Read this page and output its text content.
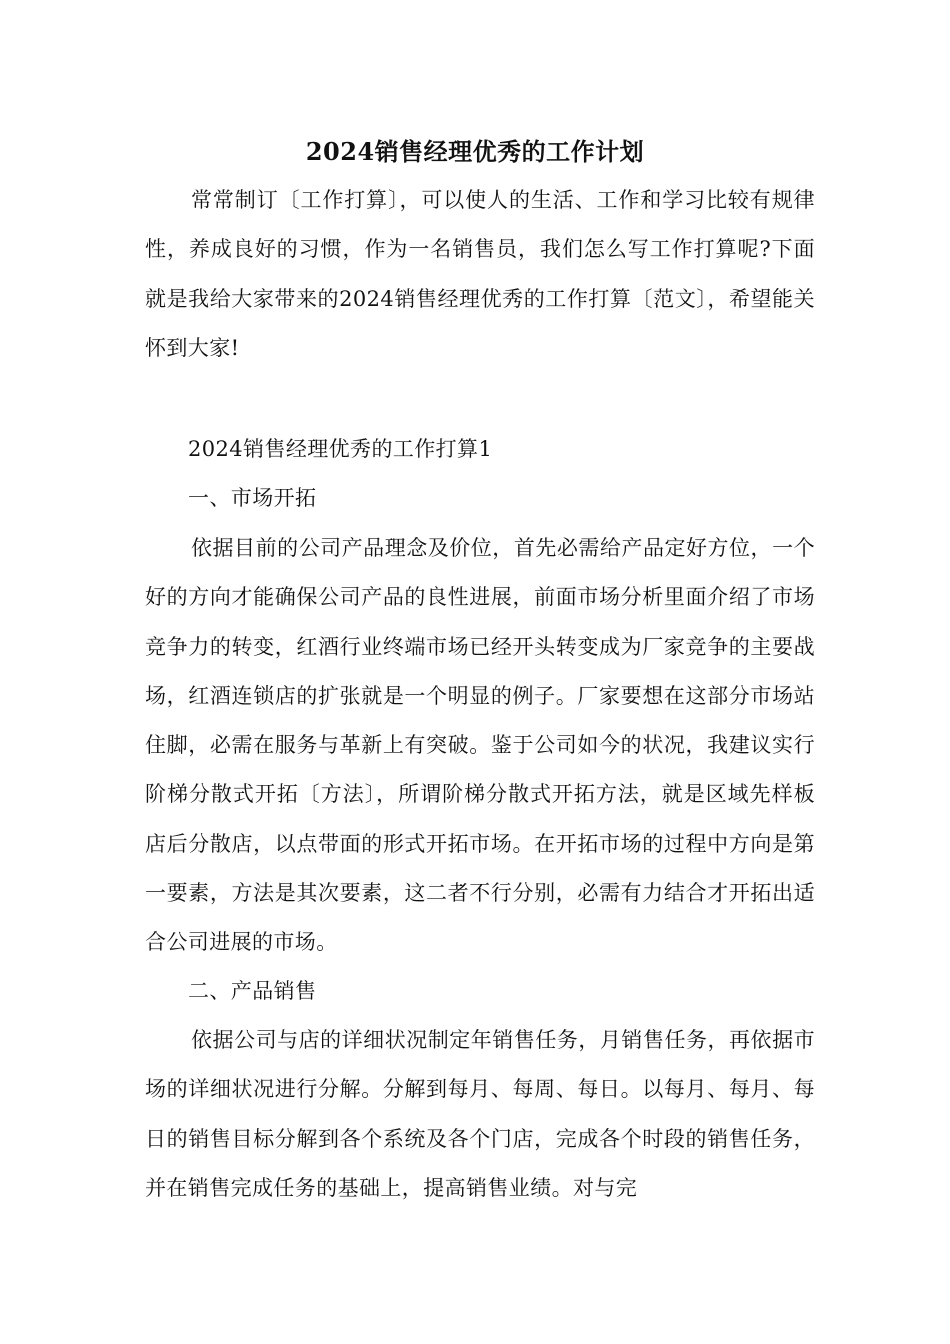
2024销售经理优秀的工作计划
常常制订〔工作打算〕，可以使人的生活、工作和学习比较有规律性，养成良好的习惯，作为一名销售员，我们怎么写工作打算呢?下面就是我给大家带来的2024销售经理优秀的工作打算〔范文〕，希望能关怀到大家!
2024销售经理优秀的工作打算1
一、市场开拓
依据目前的公司产品理念及价位，首先必需给产品定好方位，一个好的方向才能确保公司产品的良性进展，前面市场分析里面介绍了市场竞争力的转变，红酒行业终端市场已经开头转变成为厂家竞争的主要战场，红酒连锁店的扩张就是一个明显的例子。厂家要想在这部分市场站住脚，必需在服务与革新上有突破。鉴于公司如今的状况，我建议实行阶梯分散式开拓〔方法〕，所谓阶梯分散式开拓方法，就是区域先样板店后分散店，以点带面的形式开拓市场。在开拓市场的过程中方向是第一要素，方法是其次要素，这二者不行分别，必需有力结合才开拓出适合公司进展的市场。
二、产品销售
依据公司与店的详细状况制定年销售任务，月销售任务，再依据市场的详细状况进行分解。分解到每月、每周、每日。以每月、每月、每日的销售目标分解到各个系统及各个门店，完成各个时段的销售任务，并在销售完成任务的基础上，提高销售业绩。对与完
